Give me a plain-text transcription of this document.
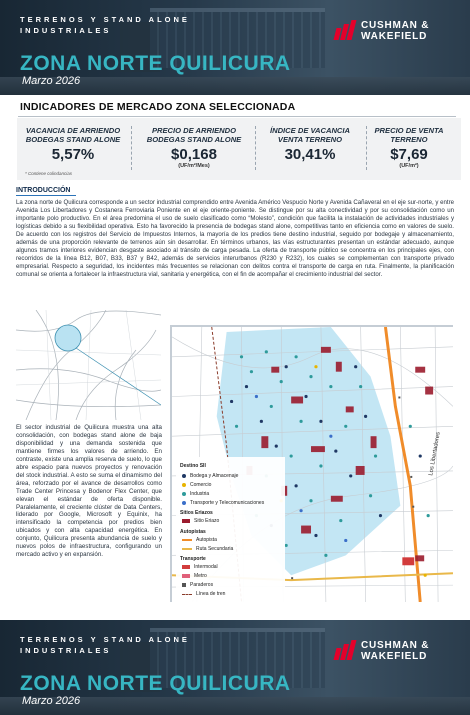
TERRENOS Y STAND ALONE
INDUSTRIALES
ZONA NORTE QUILICURA
Marzo 2026
CUSHMAN &
WAKEFIELD
INDICADORES DE MERCADO ZONA SELECCIONADA
VACANCIA DE ARRIENDO
BODEGAS STAND ALONE
5,57%
PRECIO DE ARRIENDO
BODEGAS STAND ALONE
$0,168
(UF/m²/Mes)
ÍNDICE DE VACANCIA
VENTA TERRENO
30,41%
PRECIO DE VENTA
TERRENO
$7,69
(UF/m²)
* Contiene colindancias
INTRODUCCIÓN
La zona norte de Quilicura corresponde a un sector industrial comprendido entre Avenida Américo Vespucio Norte y Avenida Cañaveral en el eje sur-norte, y entre Avenida Los Libertadores y Costanera Ferroviaria Poniente en el eje oriente-poniente. Se distingue por su alta conectividad y por su consolidación como un importante polo productivo. En el área predomina el uso de suelo clasificado como “Molesto”, condición que facilita la instalación de actividades industriales y logísticas debido a su flexibilidad operativa. Esto ha favorecido la presencia de bodegas stand alone, competitivas tanto en eficiencia como en valores de suelo. De acuerdo con los registros del Servicio de Impuestos Internos, la mayoría de los predios tiene destino industrial, seguido por bodegaje y almacenamiento, además de una proporción relevante de terrenos aún sin desarrollar. En términos urbanos, las vías estructurantes presentan un estándar adecuado, aunque algunos tramos interiores evidencian desgaste asociado al tránsito de carga pesada. La oferta de transporte público se concentra en los principales ejes, con recorridos de la línea B12, B07, B33, B37 y B42, además de servicios interurbanos (R230 y R232), los cuales se complementan con transporte privado empresarial. Respecto a seguridad, los incidentes más frecuentes se relacionan con delitos contra el transporte de carga en ruta. Finalmente, la planificación comunal se orienta a fortalecer la infraestructura vial, sanitaria y energética, con el fin de acompañar el crecimiento industrial del sector.
El sector industrial de Quilicura muestra una alta consolidación, con bodegas stand alone de baja disponibilidad y una demanda sostenida que mantiene firmes los valores de arriendo. En contraste, existe una amplia reserva de suelo, lo que abre espacio para nuevos proyectos y renovación del stock industrial. A esto se suma el dinamismo del área, reforzado por el avance de desarrollos como Trade Center Princesa y Bodenor Flex Center, que elevan el estándar de oferta disponible. Paralelamente, el creciente clúster de Data Centers, liderado por Google, Microsoft y Equinix, ha intensificado la competencia por predios bien ubicados y con alta capacidad energética. En conjunto, Quilicura presenta abundancia de suelo y nuevos polos de infraestructura, configurando un mercado activo y en expansión.
Los Libertadores
Destino SII
Bodega y Almacenaje
Comercio
Industria
Transporte y Telecomunicaciones
Sitios Eriazos
Sitio Eriazo
Autopistas
Autopista
Ruta Secundaria
Transporte
Intermodal
Metro
Paraderos
Línea de tren
TERRENOS Y STAND ALONE
INDUSTRIALES
ZONA NORTE QUILICURA
Marzo 2026
CUSHMAN &
WAKEFIELD
